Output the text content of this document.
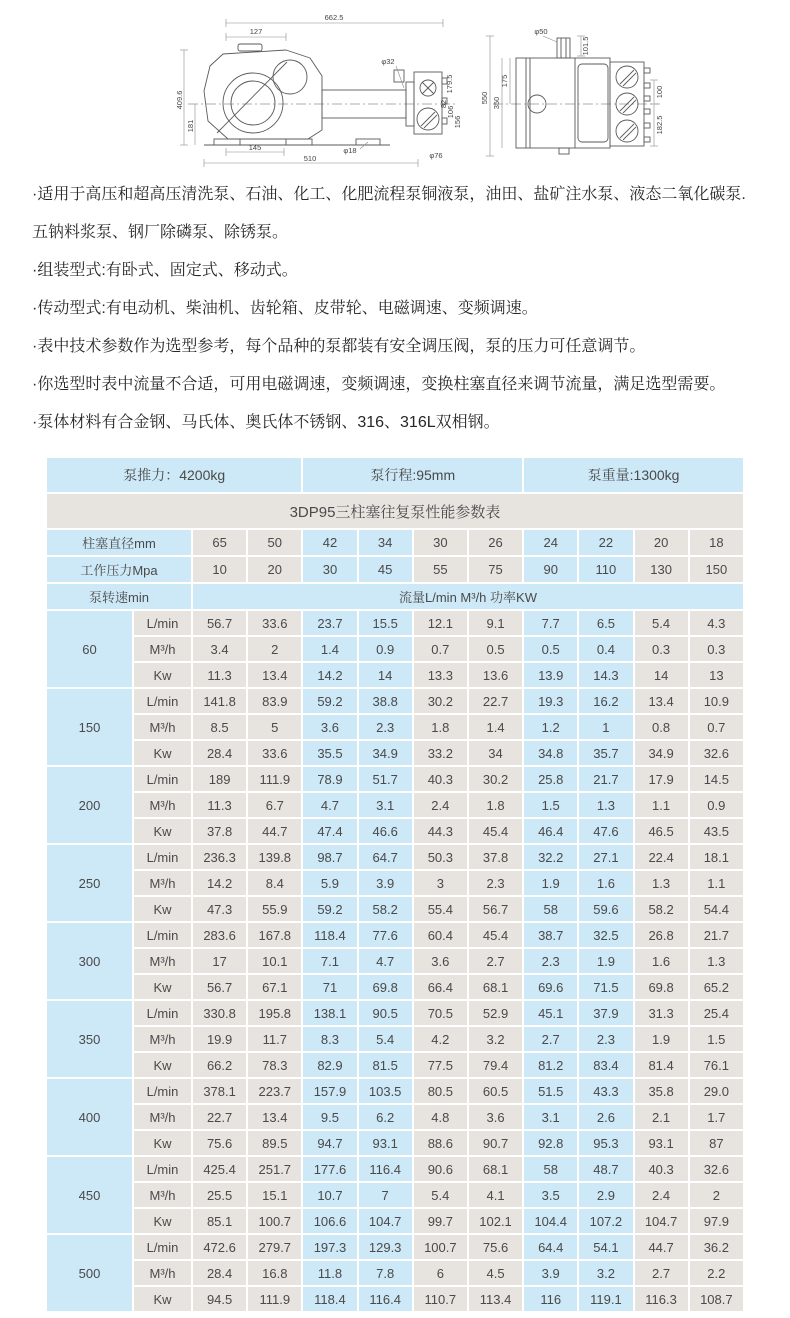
662.5
127
φ32
409.6
181
145
510
φ18
φ76
179.5
82
106
156
φ50
101.5
550 350
175
100
182.5

·适用于高压和超高压清洗泵、石油、化工、化肥流程泵铜液泵，油田、盐矿注水泵、液态二氧化碳泵.

五钠料浆泵、钢厂除磷泵、除锈泵。

·组装型式:有卧式、固定式、移动式。

·传动型式:有电动机、柴油机、齿轮箱、皮带轮、电磁调速、变频调速。

·表中技术参数作为选型参考，每个品种的泵都装有安全调压阀，泵的压力可任意调节。

·你选型时表中流量不合适，可用电磁调速，变频调速，变换柱塞直径来调节流量，满足选型需要。

·泵体材料有合金钢、马氏体、奥氏体不锈钢、316、316L双相钢。

泵推力：4200kg				泵行程:95mm				泵重量:1300kg			
3DP95三柱塞往复泵性能参数表											
柱塞直径mm		65	50	42	34	30	26	24	22	20	18
工作压力Mpa		10	20	30	45	55	75	90	110	130	150
泵转速min		流量L/min M³/h 功率KW									
60	L/min	56.7	33.6	23.7	15.5	12.1	9.1	7.7	6.5	5.4	4.3
	M³/h	3.4	2	1.4	0.9	0.7	0.5	0.5	0.4	0.3	0.3
	Kw	11.3	13.4	14.2	14	13.3	13.6	13.9	14.3	14	13
150	L/min	141.8	83.9	59.2	38.8	30.2	22.7	19.3	16.2	13.4	10.9
	M³/h	8.5	5	3.6	2.3	1.8	1.4	1.2	1	0.8	0.7
	Kw	28.4	33.6	35.5	34.9	33.2	34	34.8	35.7	34.9	32.6
200	L/min	189	111.9	78.9	51.7	40.3	30.2	25.8	21.7	17.9	14.5
	M³/h	11.3	6.7	4.7	3.1	2.4	1.8	1.5	1.3	1.1	0.9
	Kw	37.8	44.7	47.4	46.6	44.3	45.4	46.4	47.6	46.5	43.5
250	L/min	236.3	139.8	98.7	64.7	50.3	37.8	32.2	27.1	22.4	18.1
	M³/h	14.2	8.4	5.9	3.9	3	2.3	1.9	1.6	1.3	1.1
	Kw	47.3	55.9	59.2	58.2	55.4	56.7	58	59.6	58.2	54.4
300	L/min	283.6	167.8	118.4	77.6	60.4	45.4	38.7	32.5	26.8	21.7
	M³/h	17	10.1	7.1	4.7	3.6	2.7	2.3	1.9	1.6	1.3
	Kw	56.7	67.1	71	69.8	66.4	68.1	69.6	71.5	69.8	65.2
350	L/min	330.8	195.8	138.1	90.5	70.5	52.9	45.1	37.9	31.3	25.4
	M³/h	19.9	11.7	8.3	5.4	4.2	3.2	2.7	2.3	1.9	1.5
	Kw	66.2	78.3	82.9	81.5	77.5	79.4	81.2	83.4	81.4	76.1
400	L/min	378.1	223.7	157.9	103.5	80.5	60.5	51.5	43.3	35.8	29.0
	M³/h	22.7	13.4	9.5	6.2	4.8	3.6	3.1	2.6	2.1	1.7
	Kw	75.6	89.5	94.7	93.1	88.6	90.7	92.8	95.3	93.1	87
450	L/min	425.4	251.7	177.6	116.4	90.6	68.1	58	48.7	40.3	32.6
	M³/h	25.5	15.1	10.7	7	5.4	4.1	3.5	2.9	2.4	2
	Kw	85.1	100.7	106.6	104.7	99.7	102.1	104.4	107.2	104.7	97.9
500	L/min	472.6	279.7	197.3	129.3	100.7	75.6	64.4	54.1	44.7	36.2
	M³/h	28.4	16.8	11.8	7.8	6	4.5	3.9	3.2	2.7	2.2
	Kw	94.5	111.9	118.4	116.4	110.7	113.4	116	119.1	116.3	108.7
